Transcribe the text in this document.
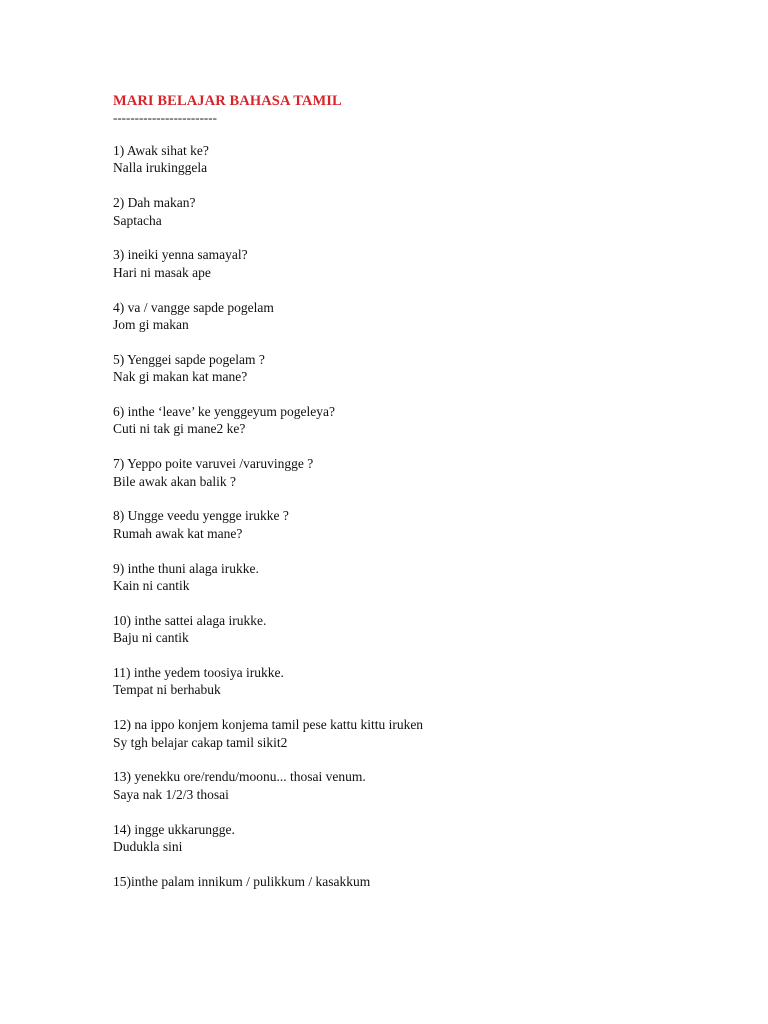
MARI BELAJAR BAHASA TAMIL
------------------------
1) Awak sihat ke?
Nalla irukinggela
2) Dah makan?
Saptacha
3) ineiki yenna samayal?
Hari ni masak ape
4) va / vangge sapde pogelam
Jom gi makan
5) Yenggei sapde pogelam ?
Nak gi makan kat mane?
6) inthe ‘leave’ ke yenggeyum pogeleya?
Cuti ni tak gi mane2 ke?
7) Yeppo poite varuvei /varuvingge ?
Bile awak akan balik ?
8) Ungge veedu yengge irukke ?
Rumah awak kat mane?
9) inthe thuni alaga irukke.
Kain ni cantik
10) inthe sattei alaga irukke.
Baju ni cantik
11) inthe yedem toosiya irukke.
Tempat ni berhabuk
12) na ippo konjem konjema tamil pese kattu kittu iruken
Sy tgh belajar cakap tamil sikit2
13) yenekku ore/rendu/moonu... thosai venum.
Saya nak 1/2/3 thosai
14) ingge ukkarungge.
Dudukla sini
15)inthe palam innikum / pulikkum / kasakkum
